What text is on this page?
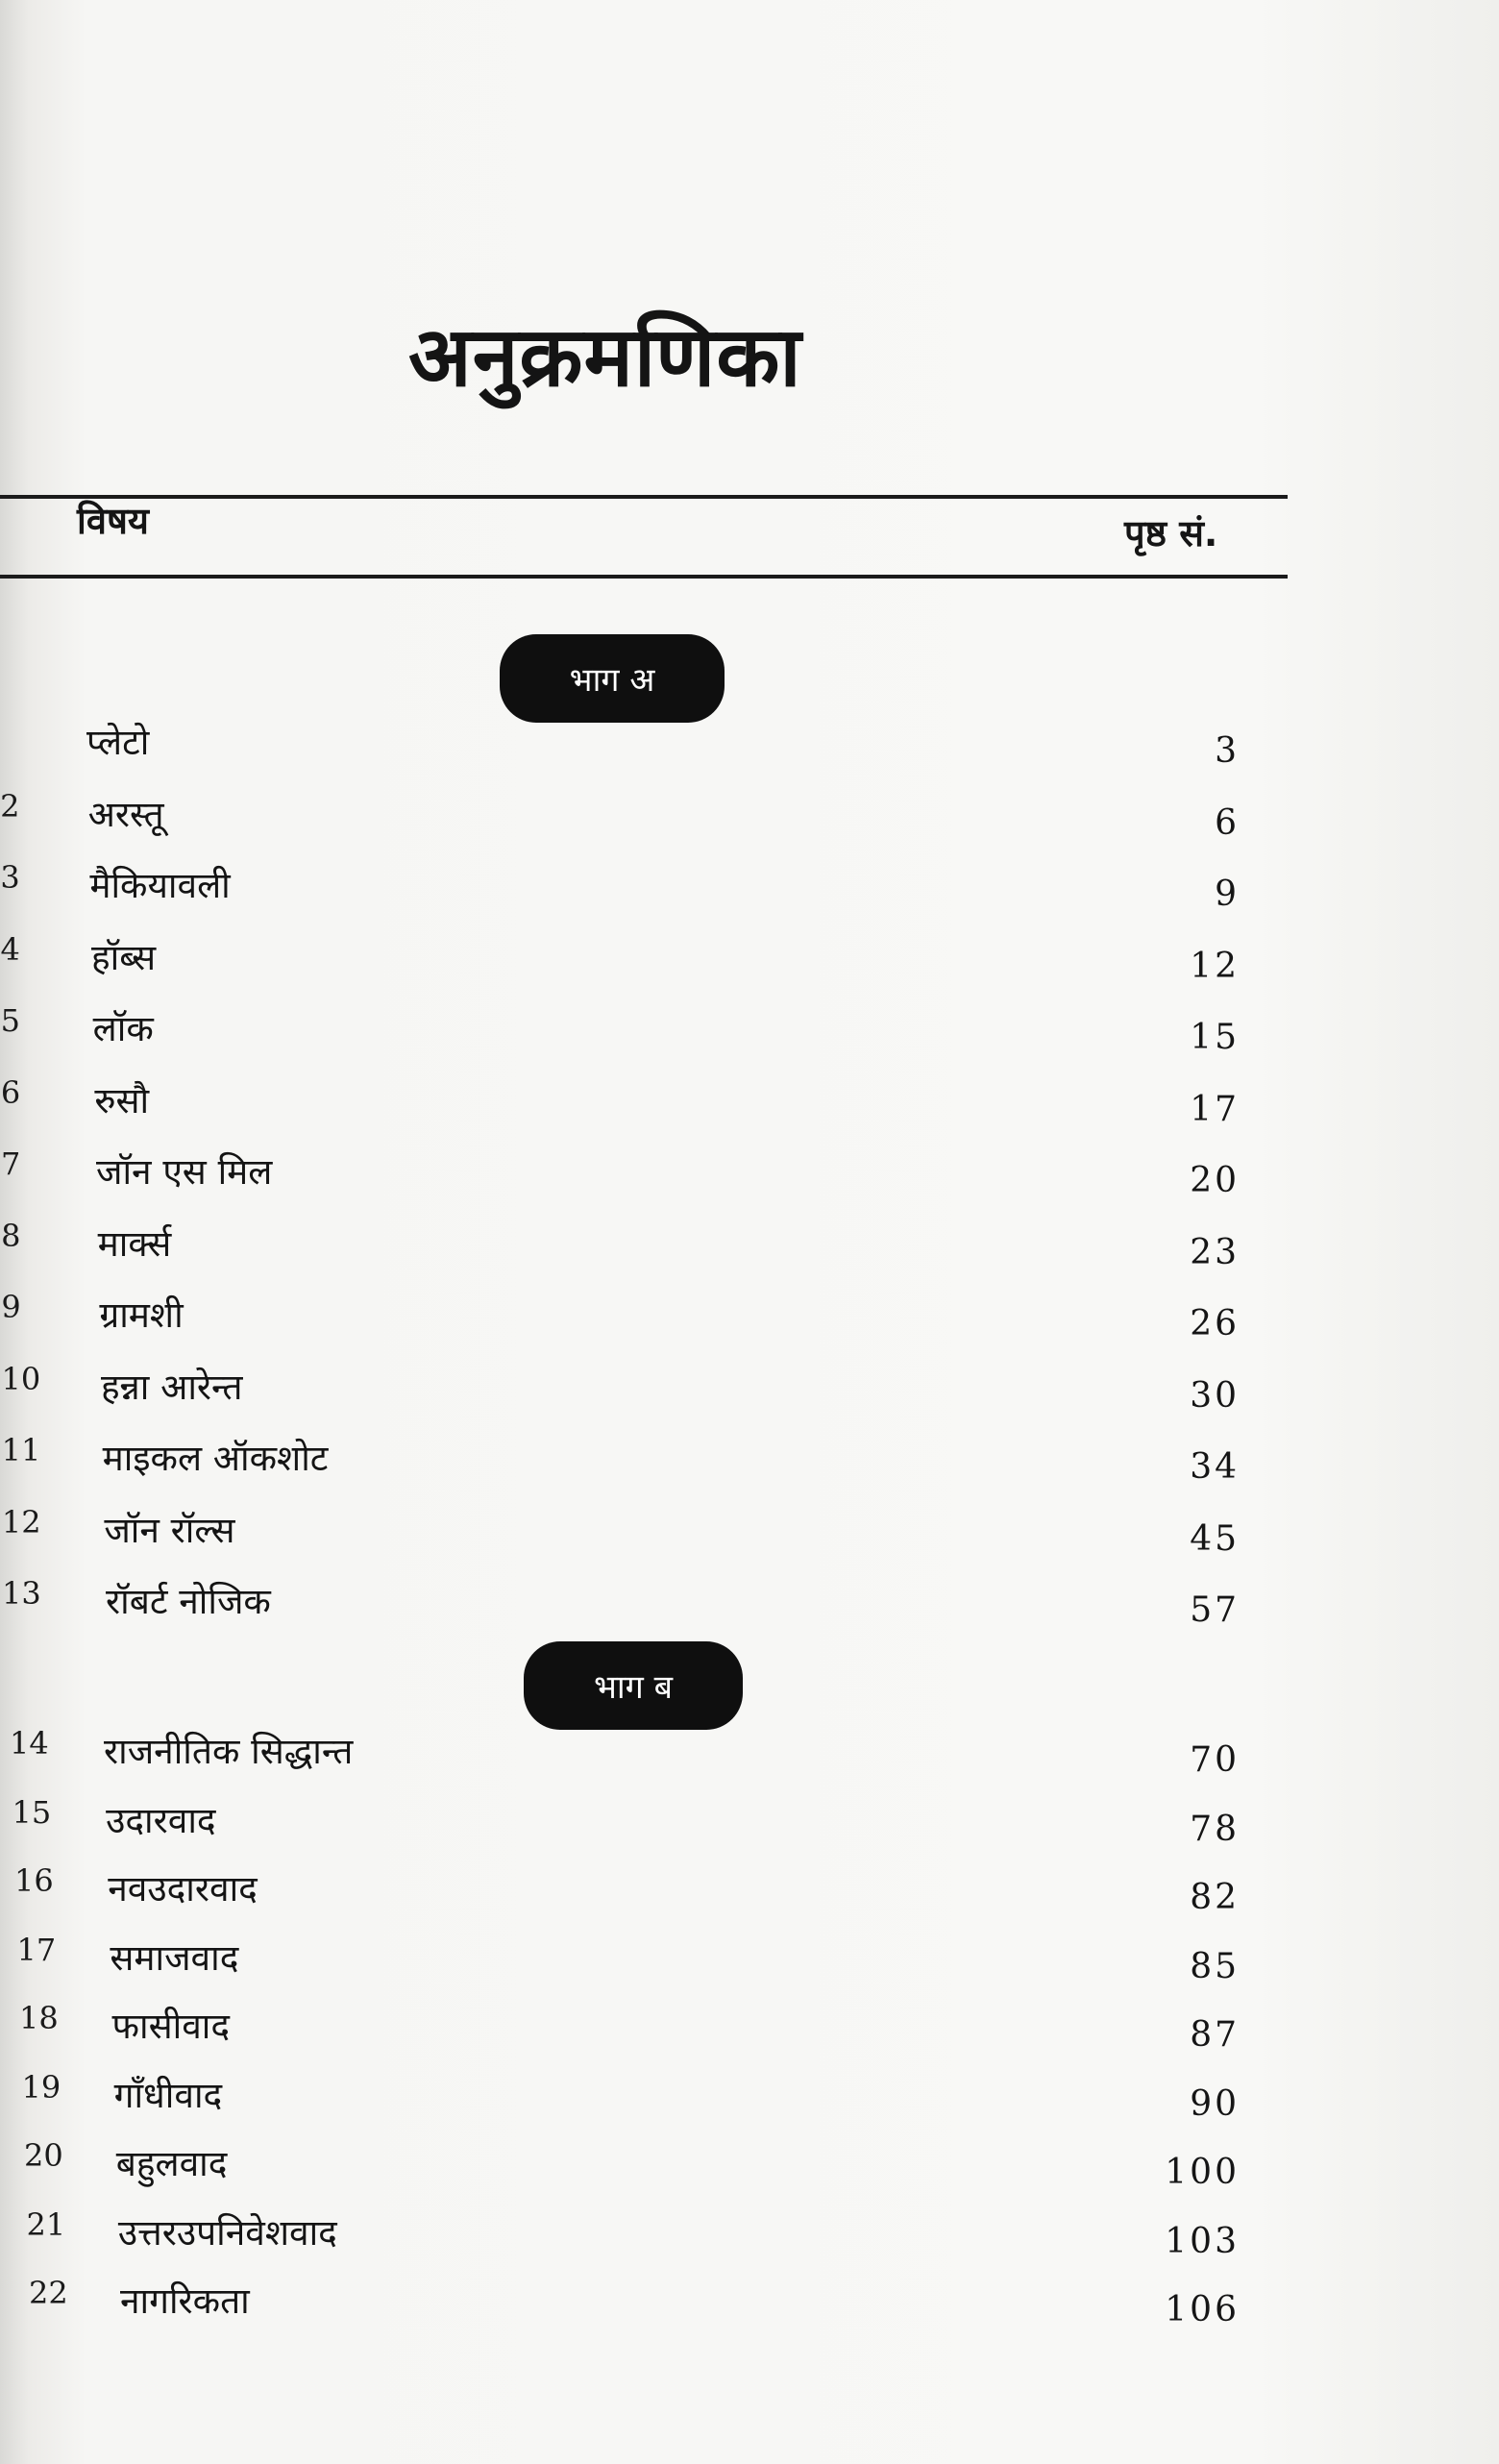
अनुक्रमणिका
विषय	पृष्ठ सं.
भाग अ
भाग ब
प्लेटो	3
2	अरस्तू	6
3	मैकियावली	9
4	हॉब्स	12
5	लॉक	15
6	रुसौ	17
7	जॉन एस मिल	20
8	मार्क्स	23
9	ग्रामशी	26
10	हन्ना आरेन्त	30
11	माइकल ऑकशोट	34
12	जॉन रॉल्स	45
13	रॉबर्ट नोजिक	57
14	राजनीतिक सिद्धान्त	70
15	उदारवाद	78
16	नवउदारवाद	82
17	समाजवाद	85
18	फासीवाद	87
19	गाँधीवाद	90
20	बहुलवाद	100
21	उत्तरउपनिवेशवाद	103
22	नागरिकता	106
